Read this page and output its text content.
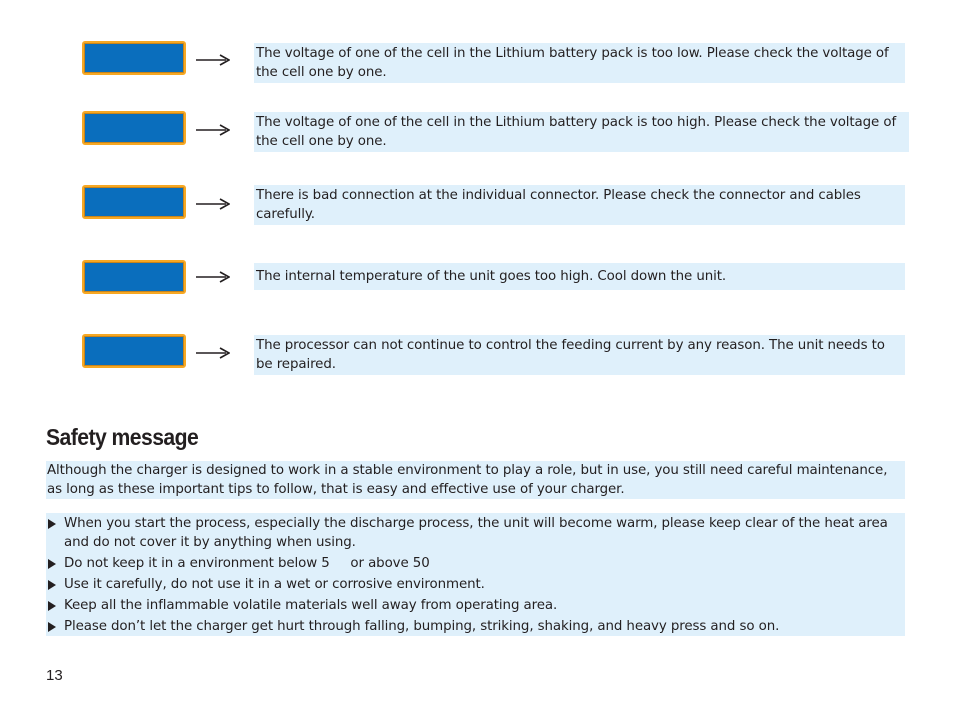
The voltage of one of the cell in the Lithium battery pack is too low. Please check the voltage of the cell one by one.
The voltage of one of the cell in the Lithium battery pack is too high. Please check the voltage of the cell one by one.
There is bad connection at the individual connector. Please check the connector and cables carefully.
The internal temperature of the unit goes too high. Cool down the unit.
The processor can not continue to control the feeding current by any reason. The unit needs to be repaired.
Safety message
Although the charger is designed to work in a stable environment to play a role, but in use, you still need careful maintenance, as long as these important tips to follow, that is easy and effective use of your charger.
When you start the process, especially the discharge process, the unit will become warm, please keep clear of the heat area and do not cover it by anything when using.
Do not keep it in a environment below 5     or above 50
Use it carefully, do not use it in a wet or corrosive environment.
Keep all the inflammable volatile materials well away from operating area.
Please don’t let the charger get hurt through falling, bumping, striking, shaking, and heavy press and so on.
13
